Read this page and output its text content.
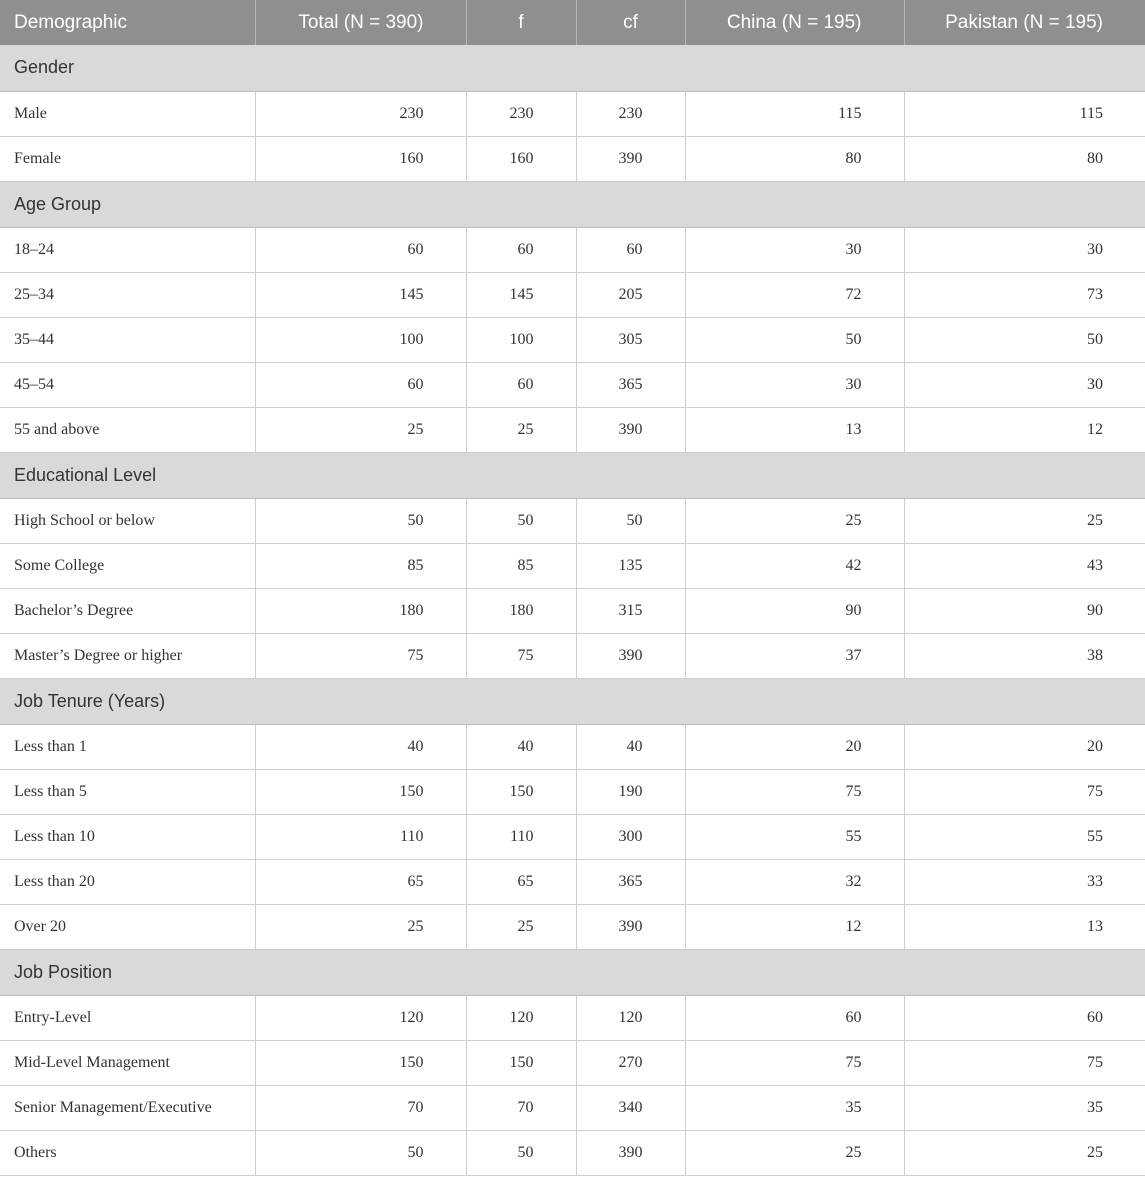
Demographic	Total (N = 390)	f	cf	China (N = 195)	Pakistan (N = 195)
Gender					
Male	230	230	230	115	115
Female	160	160	390	80	80
Age Group					
18–24	60	60	60	30	30
25–34	145	145	205	72	73
35–44	100	100	305	50	50
45–54	60	60	365	30	30
55 and above	25	25	390	13	12
Educational Level					
High School or below	50	50	50	25	25
Some College	85	85	135	42	43
Bachelor’s Degree	180	180	315	90	90
Master’s Degree or higher	75	75	390	37	38
Job Tenure (Years)					
Less than 1	40	40	40	20	20
Less than 5	150	150	190	75	75
Less than 10	110	110	300	55	55
Less than 20	65	65	365	32	33
Over 20	25	25	390	12	13
Job Position					
Entry-Level	120	120	120	60	60
Mid-Level Management	150	150	270	75	75
Senior Management/Executive	70	70	340	35	35
Others	50	50	390	25	25
